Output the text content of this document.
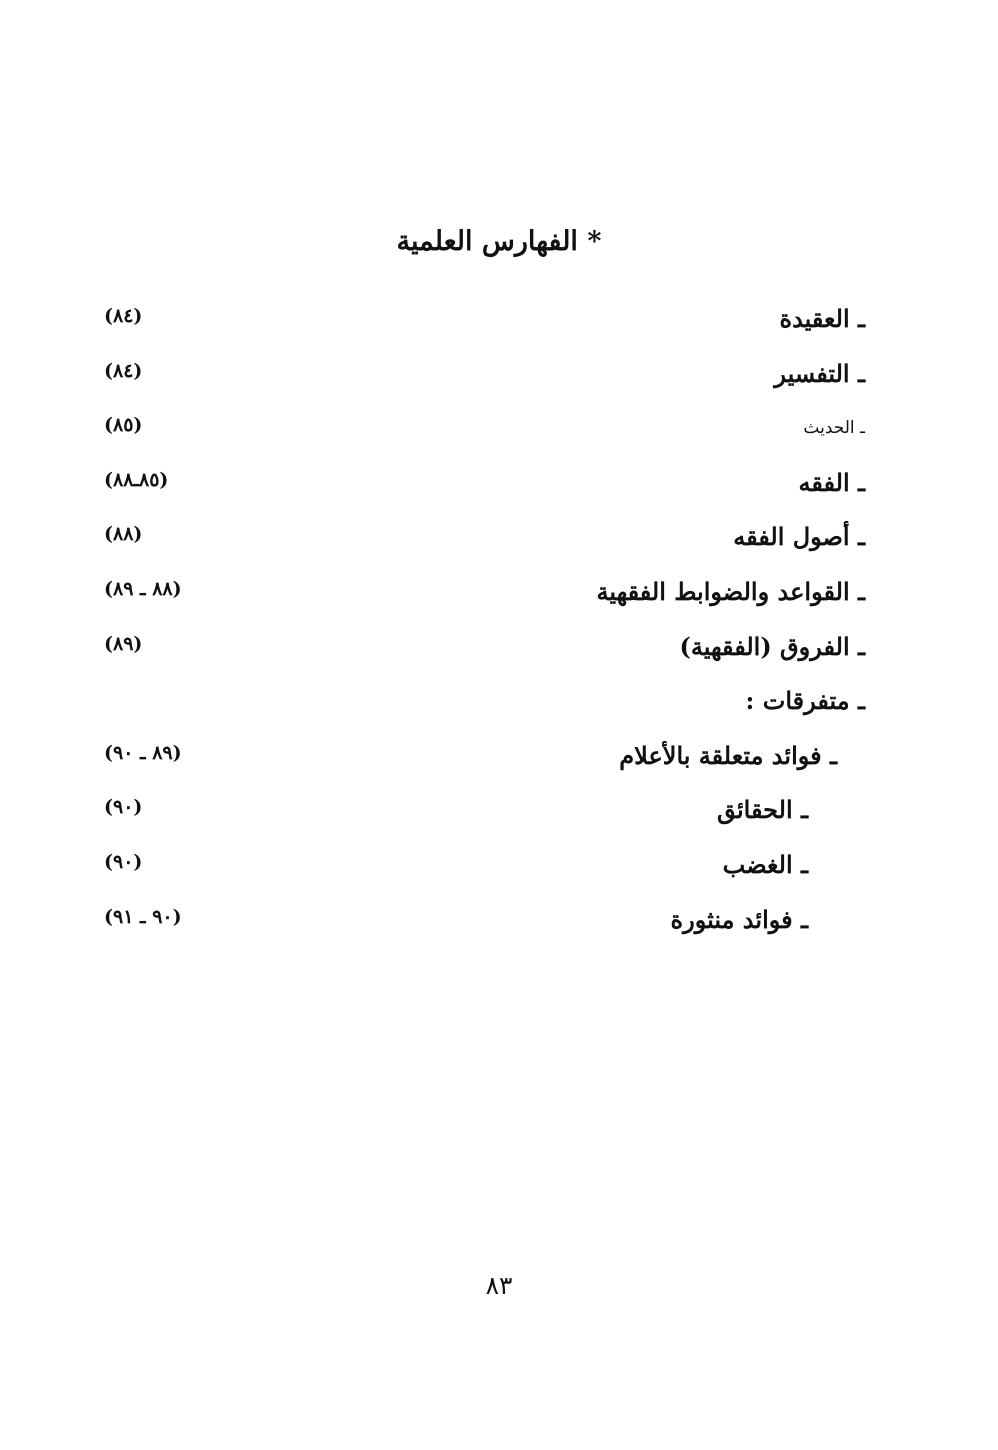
* الفهارس العلمية
ـ العقيدة
(٨٤)
ـ التفسير
(٨٤)
ـ الحديث
(٨٥)
ـ الفقه
(٨٥ـ٨٨)
ـ أصول الفقه
(٨٨)
ـ القواعد والضوابط الفقهية
(٨٨ ـ ٨٩)
ـ الفروق (الفقهية)
(٨٩)
ـ متفرقات :
ـ فوائد متعلقة بالأعلام
(٨٩ ـ ٩٠)
ـ الحقائق
(٩٠)
ـ الغضب
(٩٠)
ـ فوائد منثورة
(٩٠ ـ ٩١)
٨٣
